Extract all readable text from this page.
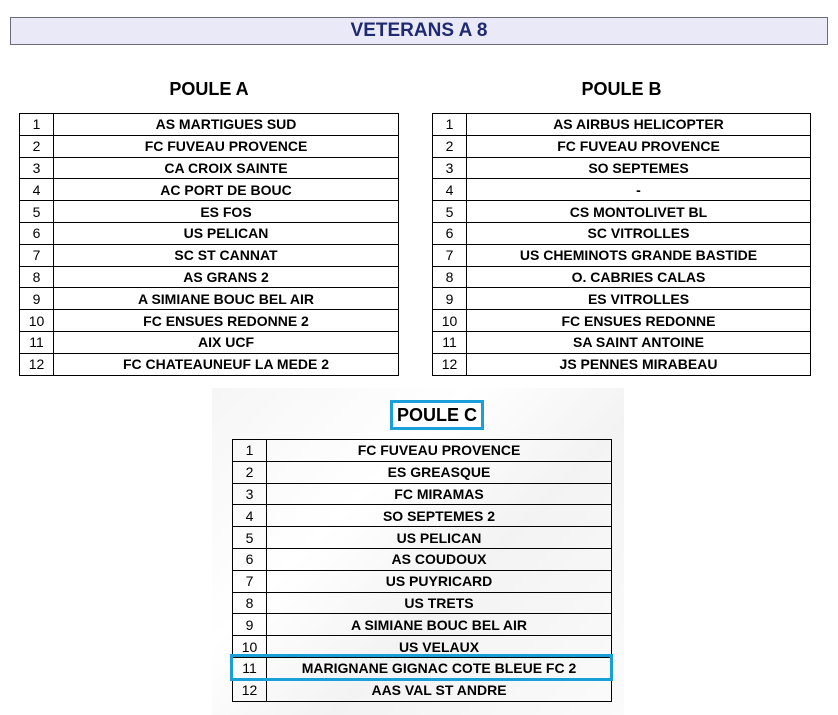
VETERANS A 8
POULE A
1	AS MARTIGUES SUD
2	FC FUVEAU PROVENCE
3	CA CROIX SAINTE
4	AC PORT DE BOUC
5	ES FOS
6	US PELICAN
7	SC ST CANNAT
8	AS GRANS 2
9	A SIMIANE BOUC BEL AIR
10	FC ENSUES REDONNE 2
11	AIX UCF
12	FC CHATEAUNEUF LA MEDE 2
POULE B
1	AS AIRBUS HELICOPTER
2	FC FUVEAU PROVENCE
3	SO SEPTEMES
4	-
5	CS MONTOLIVET BL
6	SC VITROLLES
7	US CHEMINOTS GRANDE BASTIDE
8	O. CABRIES CALAS
9	ES VITROLLES
10	FC ENSUES REDONNE
11	SA SAINT ANTOINE
12	JS PENNES MIRABEAU
POULE C
1	FC FUVEAU PROVENCE
2	ES GREASQUE
3	FC MIRAMAS
4	SO SEPTEMES 2
5	US PELICAN
6	AS COUDOUX
7	US PUYRICARD
8	US TRETS
9	A SIMIANE BOUC BEL AIR
10	US VELAUX
11	MARIGNANE GIGNAC COTE BLEUE FC 2
12	AAS VAL ST ANDRE
